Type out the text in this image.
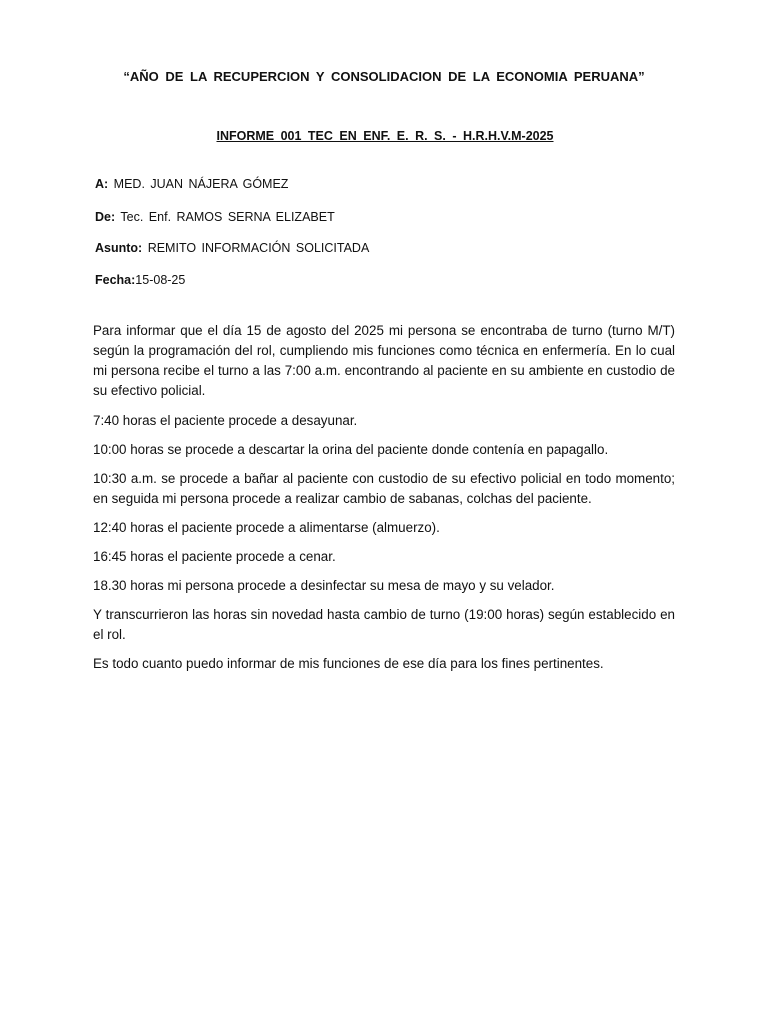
“AÑO DE LA RECUPERCION Y CONSOLIDACION DE LA ECONOMIA PERUANA”
INFORME 001 TEC EN ENF. E. R. S. - H.R.H.V.M-2025
A: MED. JUAN NÁJERA GÓMEZ
De: Tec. Enf. RAMOS SERNA ELIZABET
Asunto: REMITO INFORMACIÓN SOLICITADA
Fecha:15-08-25

Para informar que el día 15 de agosto del 2025 mi persona se encontraba de turno (turno M/T) según la programación del rol, cumpliendo mis funciones como técnica en enfermería. En lo cual mi persona recibe el turno a las 7:00 a.m. encontrando al paciente en su ambiente en custodio de su efectivo policial.

7:40 horas el paciente procede a desayunar.

10:00 horas se procede a descartar la orina del paciente donde contenía en papagallo.

10:30 a.m. se procede a bañar al paciente con custodio de su efectivo policial en todo momento; en seguida mi persona procede a realizar cambio de sabanas, colchas del paciente.

12:40 horas el paciente procede a alimentarse (almuerzo).

16:45 horas el paciente procede a cenar.

18.30 horas mi persona procede a desinfectar su mesa de mayo y su velador.

Y transcurrieron las horas sin novedad hasta cambio de turno (19:00 horas) según establecido en el rol.

Es todo cuanto puedo informar de mis funciones de ese día para los fines pertinentes.
